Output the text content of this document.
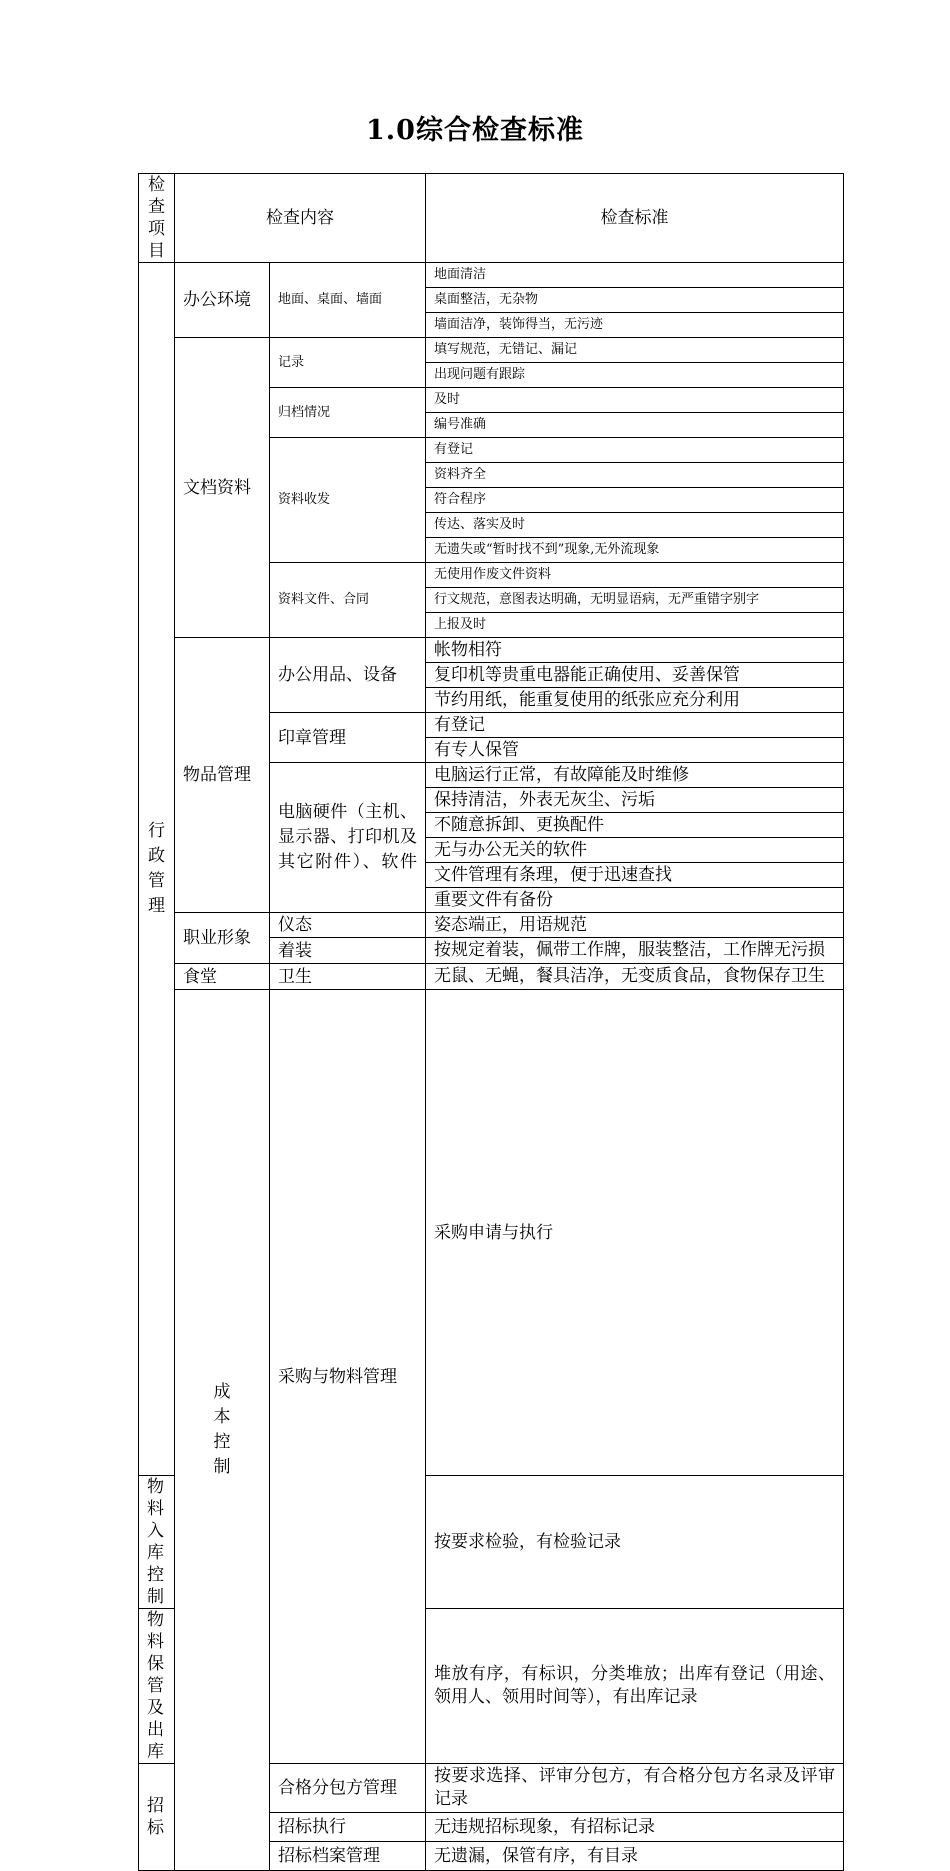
1.0综合检查标准
检查项目	检查内容		检查标准	
行政管理	办公环境	地面、桌面、墙面	地面清洁	
			桌面整洁，无杂物	
			墙面洁净，装饰得当，无污迹	
	文档资料	记录	填写规范，无错记、漏记	
			出现问题有跟踪	
		归档情况	及时	
			编号准确	
		资料收发	有登记	
			资料齐全	
			符合程序	
			传达、落实及时	
			无遗失或“暂时找不到”现象,无外流现象	
		资料文件、合同	无使用作废文件资料	
			行文规范，意图表达明确，无明显语病，无严重错字别字	
			上报及时	
	物品管理	办公用品、设备	帐物相符	
			复印机等贵重电器能正确使用、妥善保管	
			节约用纸，能重复使用的纸张应充分利用	
		印章管理	有登记	
			有专人保管	
		电脑硬件（主机、显示器、打印机及其它附件）、软件	电脑运行正常，有故障能及时维修	
			保持清洁，外表无灰尘、污垢	
			不随意拆卸、更换配件	
			无与办公无关的软件	
			文件管理有条理，便于迅速查找	
			重要文件有备份	
	职业形象	仪态	姿态端正，用语规范	
		着装	按规定着装，佩带工作牌，服装整洁，工作牌无污损	
	食堂	卫生	无鼠、无蝇，餐具洁净，无变质食品，食物保存卫生	
	成本控制	采购与物料管理	采购申请与执行	
物料入库控制			按要求检验，有检验记录	
物料保管及出库			堆放有序，有标识，分类堆放；出库有登记（用途、领用人、领用时间等），有出库记录	
招标		合格分包方管理	按要求选择、评审分包方，有合格分包方名录及评审记录	
		招标执行	无违规招标现象，有招标记录	
		招标档案管理	无遗漏，保管有序，有目录	
